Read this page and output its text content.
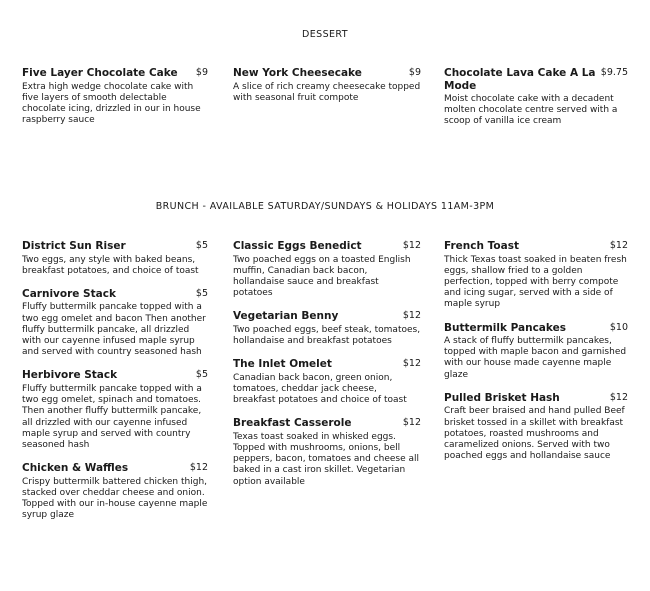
DESSERT
BRUNCH - AVAILABLE SATURDAY/SUNDAYS & HOLIDAYS 11AM-3PM
Five Layer Chocolate Cake	$9
Extra high wedge chocolate cake with five layers of smooth delectable chocolate icing, drizzled in our in house raspberry sauce
New York Cheesecake	$9
A slice of rich creamy cheesecake topped with seasonal fruit compote
Chocolate Lava Cake A La Mode
$9.75
Moist chocolate cake with a decadent molten chocolate centre served with a scoop of vanilla ice cream
District Sun Riser	$5
Two eggs, any style with baked beans, breakfast potatoes, and choice of toast
Carnivore Stack	$5
Fluffy buttermilk pancake topped with a two egg omelet and bacon Then another fluffy buttermilk pancake, all drizzled with our cayenne infused maple syrup and served with country seasoned hash
Herbivore Stack	$5
Fluffy buttermilk pancake topped with a two egg omelet, spinach and tomatoes. Then another fluffy buttermilk pancake, all drizzled with our cayenne infused maple syrup and served with country seasoned hash
Chicken & Waffles	$12
Crispy buttermilk battered chicken thigh, stacked over cheddar cheese and onion. Topped with our in-house cayenne maple syrup glaze
Classic Eggs Benedict	$12
Two poached eggs on a toasted English muffin, Canadian back bacon, hollandaise sauce and breakfast potatoes
Vegetarian Benny	$12
Two poached eggs, beef steak, tomatoes, hollandaise and breakfast potatoes
The Inlet Omelet	$12
Canadian back bacon, green onion, tomatoes, cheddar jack cheese, breakfast potatoes and choice of toast
Breakfast Casserole	$12
Texas toast soaked in whisked eggs. Topped with mushrooms, onions, bell peppers, bacon, tomatoes and cheese all baked in a cast iron skillet. Vegetarian option available
French Toast	$12
Thick Texas toast soaked in beaten fresh eggs, shallow fried to a golden perfection, topped with berry compote and icing sugar, served with a side of maple syrup
Buttermilk Pancakes	$10
A stack of fluffy buttermilk pancakes, topped with maple bacon and garnished with our house made cayenne maple glaze
Pulled Brisket Hash	$12
Craft beer braised and hand pulled Beef brisket tossed in a skillet with breakfast potatoes, roasted mushrooms and caramelized onions. Served with two poached eggs and hollandaise sauce
